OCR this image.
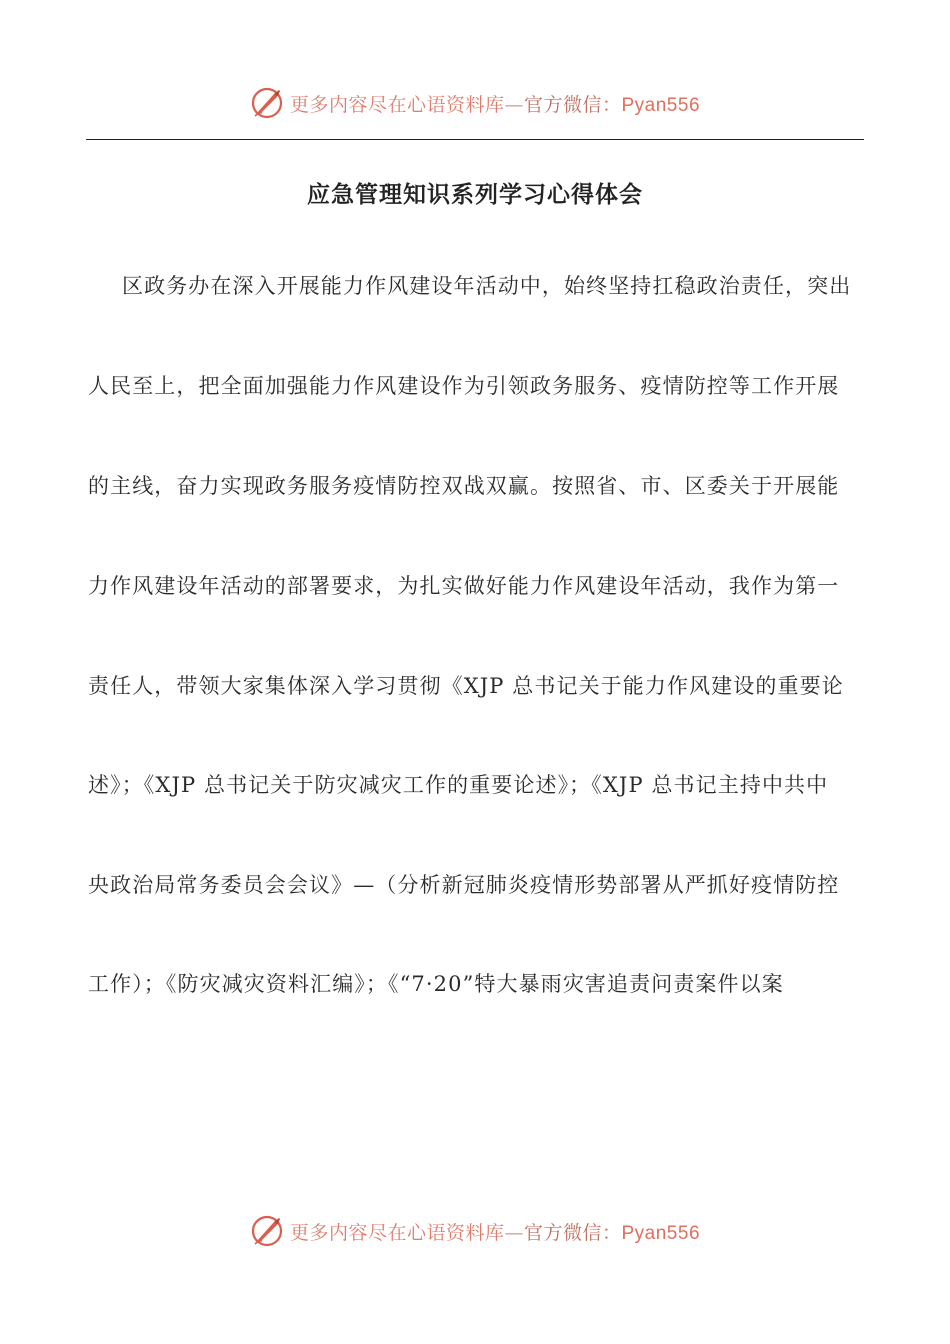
更多内容尽在心语资料库—官方微信：Pyan556
应急管理知识系列学习心得体会
区政务办在深入开展能力作风建设年活动中，始终坚持扛稳政治责任，突出
人民至上，把全面加强能力作风建设作为引领政务服务、疫情防控等工作开展
的主线，奋力实现政务服务疫情防控双战双赢。按照省、市、区委关于开展能
力作风建设年活动的部署要求，为扎实做好能力作风建设年活动，我作为第一
责任人，带领大家集体深入学习贯彻《XJP 总书记关于能力作风建设的重要论
述》；《XJP 总书记关于防灾减灾工作的重要论述》；《XJP 总书记主持中共中
央政治局常务委员会会议》—（分析新冠肺炎疫情形势部署从严抓好疫情防控
工作）；《防灾减灾资料汇编》；《“7·20”特大暴雨灾害追责问责案件以案
更多内容尽在心语资料库—官方微信：Pyan556
